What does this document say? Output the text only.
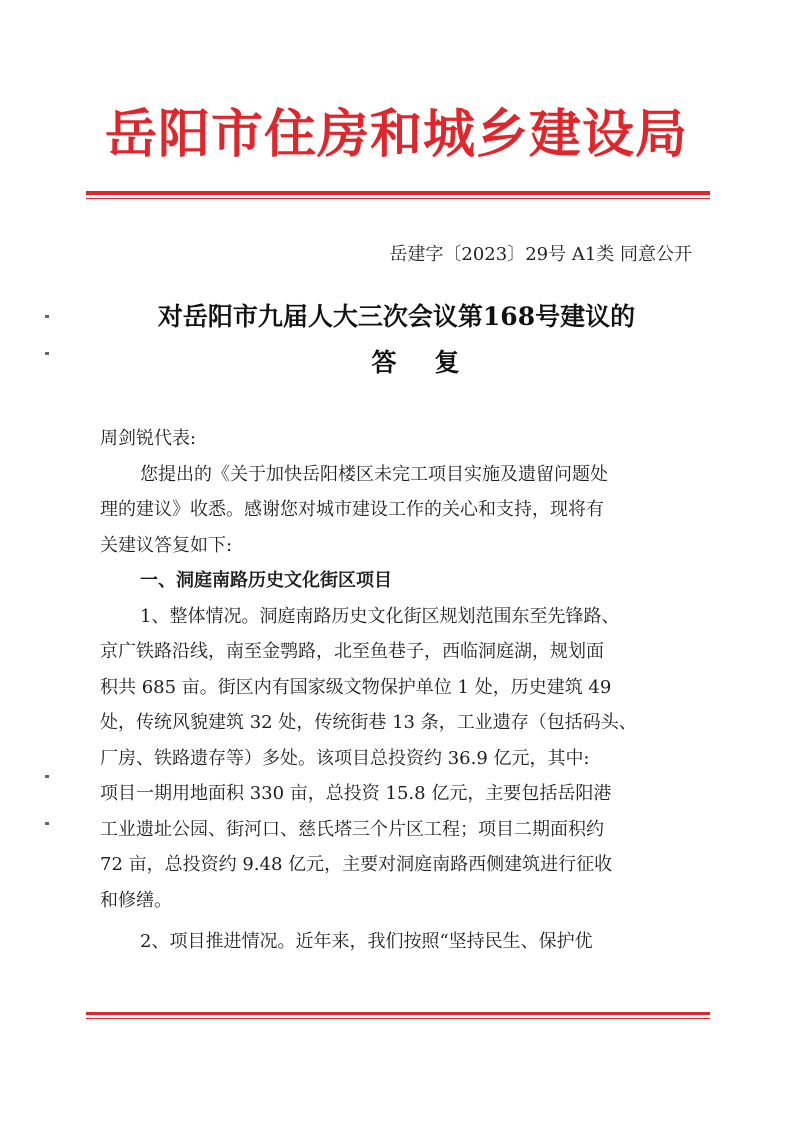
岳阳市住房和城乡建设局
岳建字〔2023〕29号 A1类 同意公开
对岳阳市九届人大三次会议第168号建议的
答复

周剑锐代表:

您提出的《关于加快岳阳楼区未完工项目实施及遗留问题处

理的建议》收悉。感谢您对城市建设工作的关心和支持，现将有

关建议答复如下:

一、洞庭南路历史文化街区项目

1、整体情况。洞庭南路历史文化街区规划范围东至先锋路、

京广铁路沿线，南至金鹗路，北至鱼巷子，西临洞庭湖，规划面

积共 685 亩。街区内有国家级文物保护单位 1 处，历史建筑 49

处，传统风貌建筑 32 处，传统街巷 13 条，工业遗存（包括码头、

厂房、铁路遗存等）多处。该项目总投资约 36.9 亿元，其中:

项目一期用地面积 330 亩，总投资 15.8 亿元，主要包括岳阳港

工业遗址公园、街河口、慈氏塔三个片区工程；项目二期面积约

72 亩，总投资约 9.48 亿元，主要对洞庭南路西侧建筑进行征收

和修缮。

2、项目推进情况。近年来，我们按照“坚持民生、保护优
